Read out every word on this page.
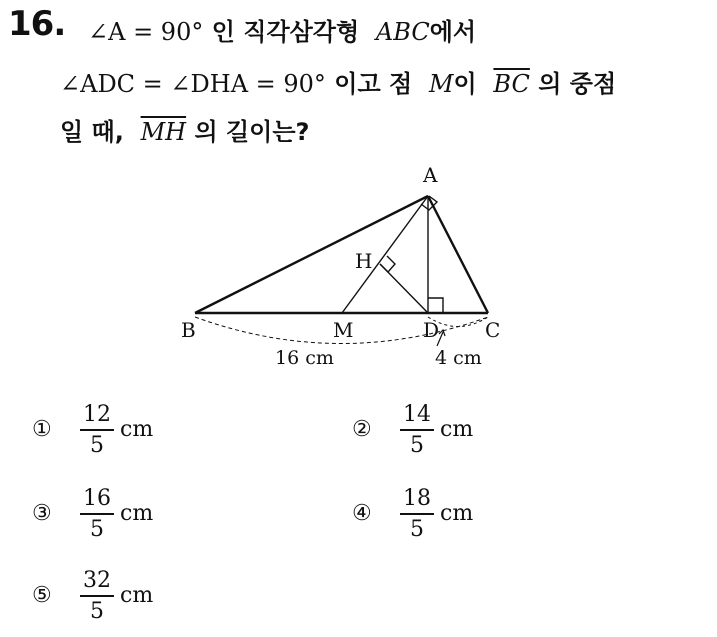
16. ∠A = 90° 인 직각삼각형 ABC에서
∠ADC = ∠DHA = 90° 이고 점 M이 $\overline{BC}$ 의 중점
일 때, $\overline{MH}$ 의 길이는?
A
B	C
D
H
M
16 cm	4 cm
①	$\frac{12}{5}$ cm	②	$\frac{14}{5}$ cm
③	$\frac{16}{5}$ cm	④	$\frac{18}{5}$ cm
⑤	$\frac{32}{5}$ cm
